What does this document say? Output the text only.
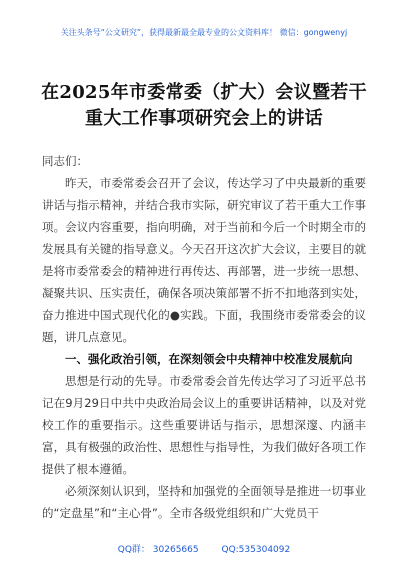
关注头条号“公文研究”，获得最新最全最专业的公文资料库！ 微信：gongwenyj
在2025年市委常委（扩大）会议暨若干
重大工作事项研究会上的讲话

同志们：

昨天，市委常委会召开了会议，传达学习了中央最新的重要讲话与指示精神，并结合我市实际，研究审议了若干重大工作事项。会议内容重要，指向明确，对于当前和今后一个时期全市的发展具有关键的指导意义。今天召开这次扩大会议，主要目的就是将市委常委会的精神进行再传达、再部署，进一步统一思想、凝聚共识、压实责任，确保各项决策部署不折不扣地落到实处，奋力推进中国式现代化的●实践。下面，我围绕市委常委会的议题，讲几点意见。

一、强化政治引领，在深刻领会中央精神中校准发展航向

思想是行动的先导。市委常委会首先传达学习了习近平总书记在9月29日中共中央政治局会议上的重要讲话精神，以及对党校工作的重要指示。这些重要讲话与指示，思想深邃、内涵丰富，具有极强的政治性、思想性与指导性，为我们做好各项工作提供了根本遵循。

必须深刻认识到，坚持和加强党的全面领导是推进一切事业的“定盘星”和“主心骨”。全市各级党组织和广大党员干

QQ群： 30265665	QQ:535304092
